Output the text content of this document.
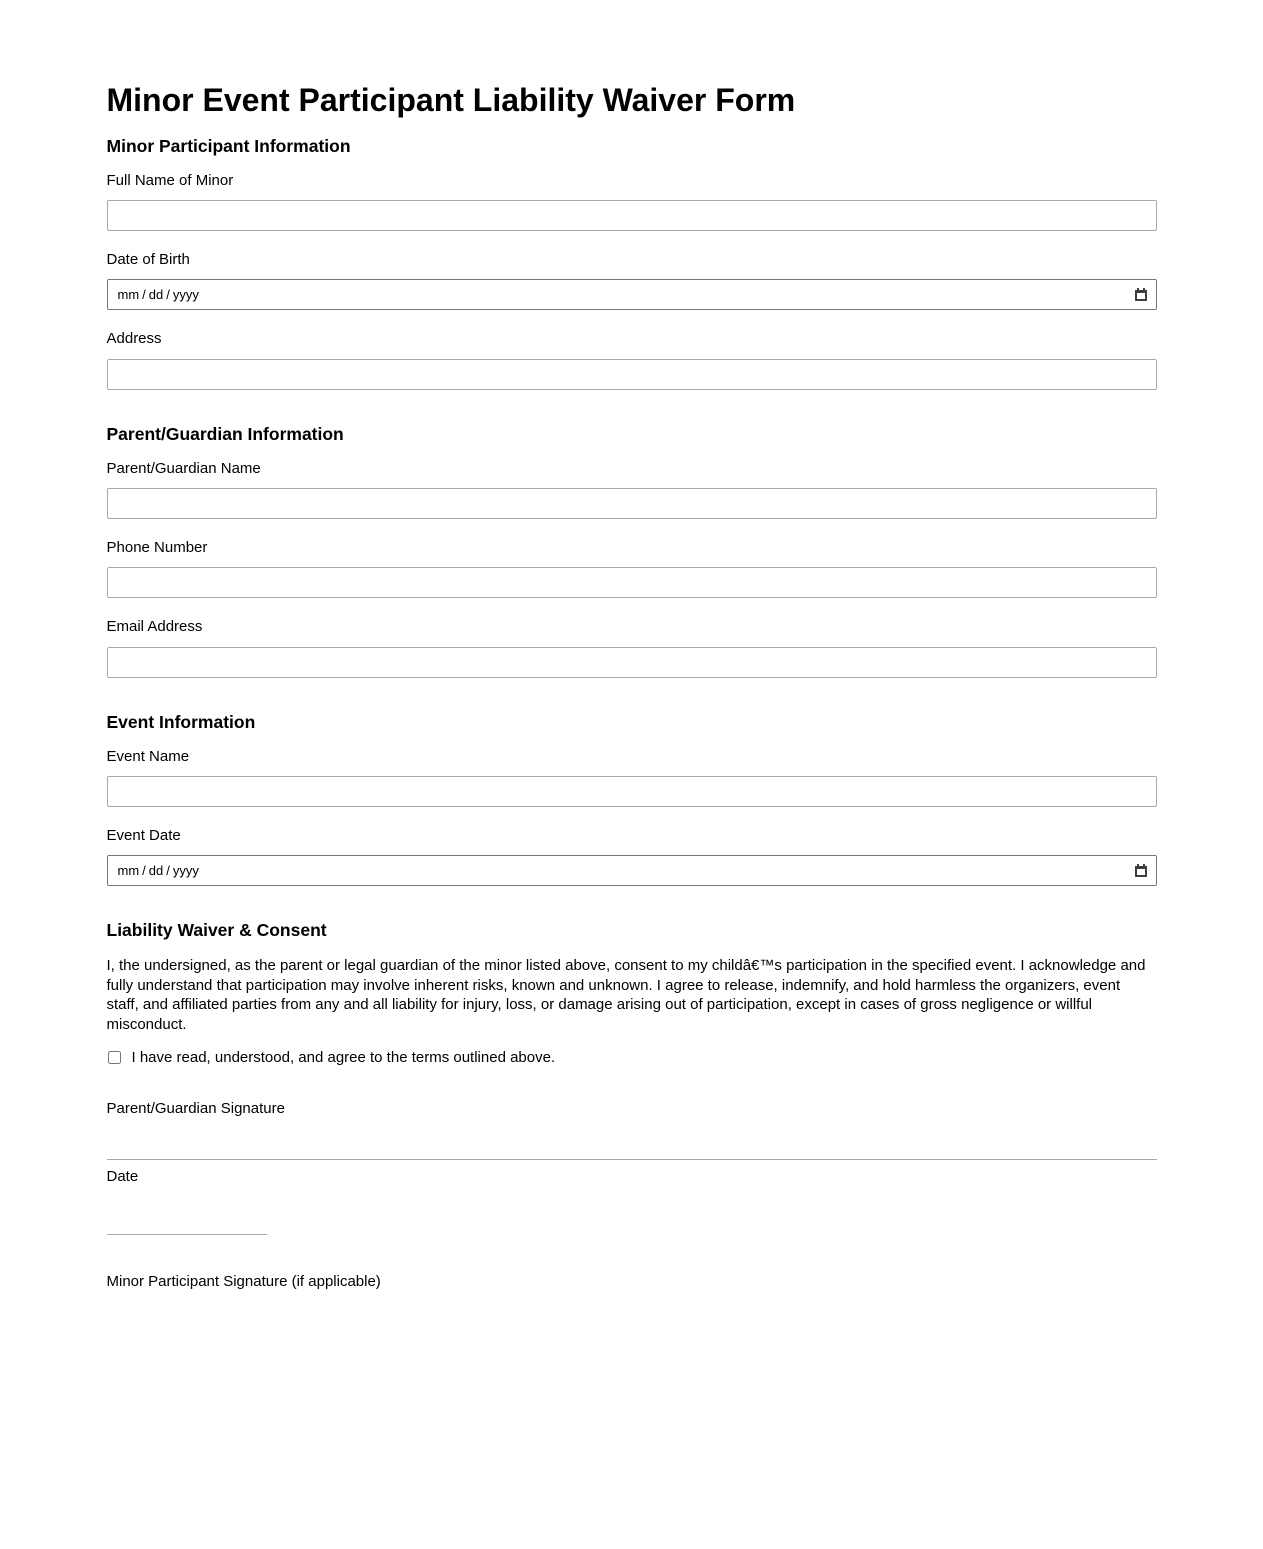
Minor Event Participant Liability Waiver Form
Minor Participant Information
Full Name of Minor
Date of Birth
mm / dd / yyyy
Address
Parent/Guardian Information
Parent/Guardian Name
Phone Number
Email Address
Event Information
Event Name
Event Date
mm / dd / yyyy
Liability Waiver & Consent

I, the undersigned, as the parent or legal guardian of the minor listed above, consent to my childâ€™s participation in the specified event. I acknowledge and fully understand that participation may involve inherent risks, known and unknown. I agree to release, indemnify, and hold harmless the organizers, event staff, and affiliated parties from any and all liability for injury, loss, or damage arising out of participation, except in cases of gross negligence or willful misconduct.

I have read, understood, and agree to the terms outlined above.
Parent/Guardian Signature
Date
Minor Participant Signature (if applicable)
